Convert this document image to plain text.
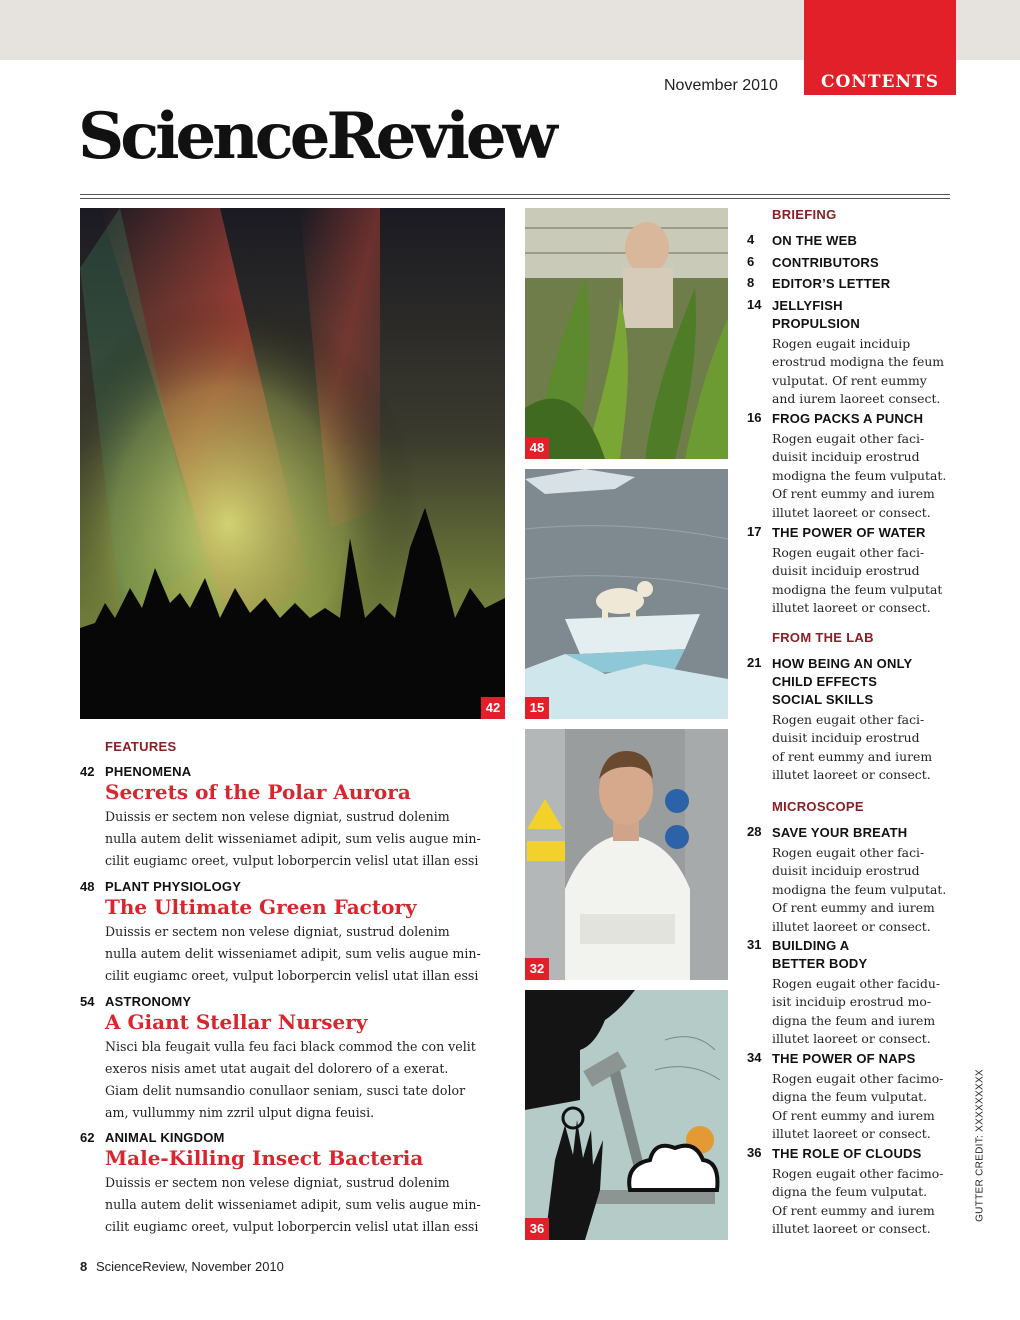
CONTENTS
November 2010
ScienceReview
42
48
15
32
36
FEATURES
42 PHENOMENA
Secrets of the Polar Aurora
Duissis er sectem non velese digniat, sustrud dolenim
nulla autem delit wisseniamet adipit, sum velis augue min-
cilit eugiamc oreet, vulput loborpercin velisl utat illan essi
48 PLANT PHYSIOLOGY
The Ultimate Green Factory
Duissis er sectem non velese digniat, sustrud dolenim
nulla autem delit wisseniamet adipit, sum velis augue min-
cilit eugiamc oreet, vulput loborpercin velisl utat illan essi
54 ASTRONOMY
A Giant Stellar Nursery
Nisci bla feugait vulla feu faci black commod the con velit
exeros nisis amet utat augait del dolorero of a exerat.
Giam delit numsandio conullaor seniam, susci tate dolor
am, vullummy nim zzril ulput digna feuisi.
62 ANIMAL KINGDOM
Male-Killing Insect Bacteria
Duissis er sectem non velese digniat, sustrud dolenim
nulla autem delit wisseniamet adipit, sum velis augue min-
cilit eugiamc oreet, vulput loborpercin velisl utat illan essi
BRIEFING
FROM THE LAB
MICROSCOPE
4 ON THE WEB
6 CONTRIBUTORS
8 EDITOR’S LETTER
14 JELLYFISH
PROPULSION
Rogen eugait inciduip
erostrud modigna the feum
vulputat. Of rent eummy
and iurem laoreet consect.
16 FROG PACKS A PUNCH
Rogen eugait other faci-
duisit inciduip erostrud
modigna the feum vulputat.
Of rent eummy and iurem
illutet laoreet or consect.
17 THE POWER OF WATER
Rogen eugait other faci-
duisit inciduip erostrud
modigna the feum vulputat
illutet laoreet or consect.
21 HOW BEING AN ONLY
CHILD EFFECTS
SOCIAL SKILLS
Rogen eugait other faci-
duisit inciduip erostrud
of rent eummy and iurem
illutet laoreet or consect.
28 SAVE YOUR BREATH
Rogen eugait other faci-
duisit inciduip erostrud
modigna the feum vulputat.
Of rent eummy and iurem
illutet laoreet or consect.
31 BUILDING A
BETTER BODY
Rogen eugait other facidu-
isit inciduip erostrud mo-
digna the feum and iurem
illutet laoreet or consect.
34 THE POWER OF NAPS
Rogen eugait other facimo-
digna the feum vulputat.
Of rent eummy and iurem
illutet laoreet or consect.
36 THE ROLE OF CLOUDS
Rogen eugait other facimo-
digna the feum vulputat.
Of rent eummy and iurem
illutet laoreet or consect.
8 ScienceReview, November 2010
GUTTER CREDIT: XXXXXXXXX
